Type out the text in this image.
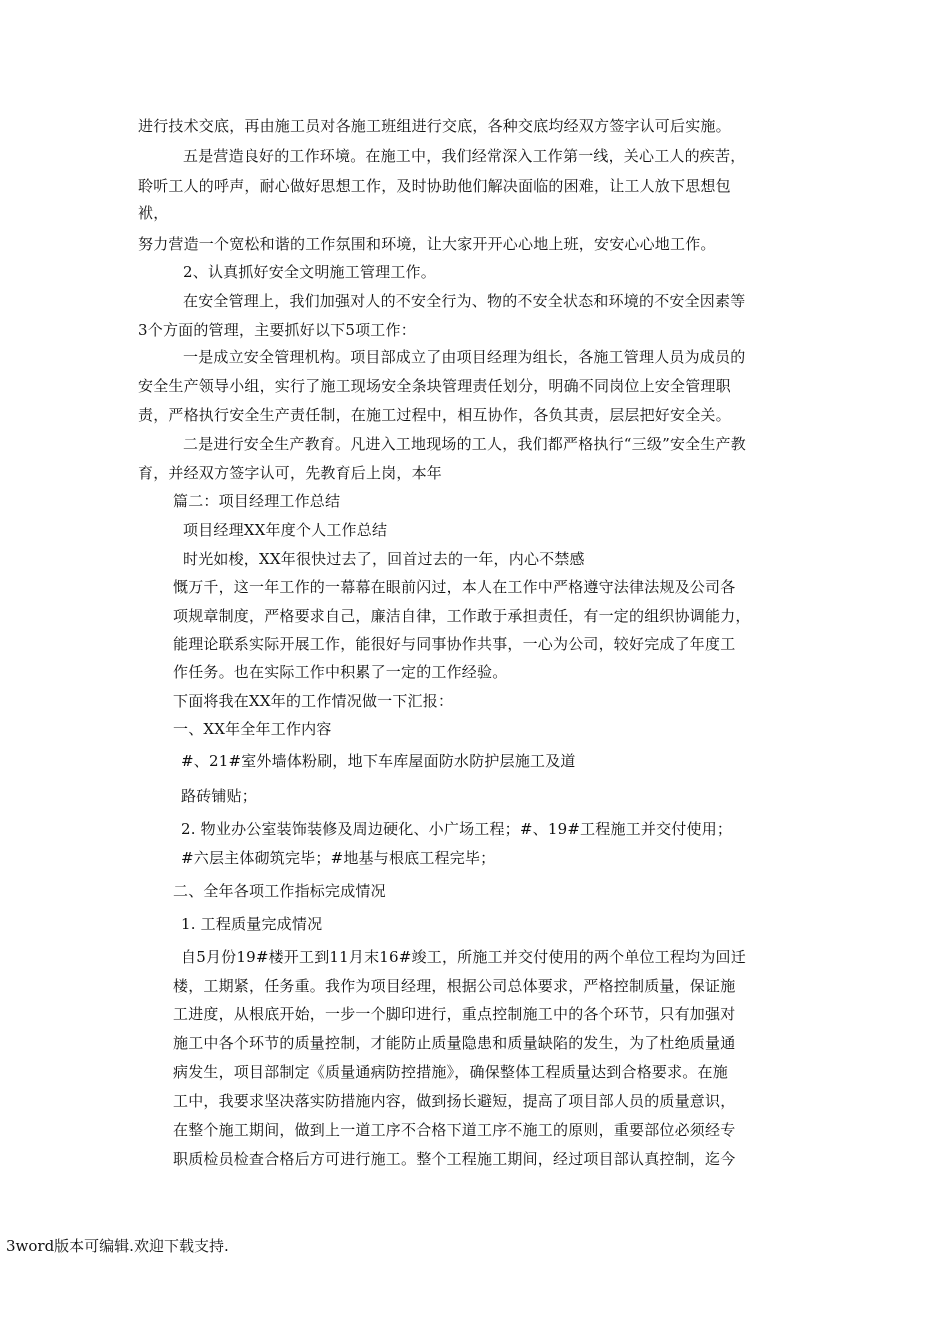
进行技术交底，再由施工员对各施工班组进行交底，各种交底均经双方签字认可后实施。
五是营造良好的工作环境。在施工中，我们经常深入工作第一线，关心工人的疾苦，
聆听工人的呼声，耐心做好思想工作，及时协助他们解决面临的困难，让工人放下思想包
袱，
努力营造一个宽松和谐的工作氛围和环境，让大家开开心心地上班，安安心心地工作。
2、认真抓好安全文明施工管理工作。
在安全管理上，我们加强对人的不安全行为、物的不安全状态和环境的不安全因素等
3个方面的管理，主要抓好以下5项工作：
一是成立安全管理机构。项目部成立了由项目经理为组长，各施工管理人员为成员的
安全生产领导小组，实行了施工现场安全条块管理责任划分，明确不同岗位上安全管理职
责，严格执行安全生产责任制，在施工过程中，相互协作，各负其责，层层把好安全关。
二是进行安全生产教育。凡进入工地现场的工人，我们都严格执行“三级”安全生产教
育，并经双方签字认可，先教育后上岗，本年
篇二：项目经理工作总结
项目经理XX年度个人工作总结
时光如梭，XX年很快过去了，回首过去的一年，内心不禁感
慨万千，这一年工作的一幕幕在眼前闪过，本人在工作中严格遵守法律法规及公司各
项规章制度，严格要求自己，廉洁自律，工作敢于承担责任，有一定的组织协调能力，
能理论联系实际开展工作，能很好与同事协作共事，一心为公司，较好完成了年度工
作任务。也在实际工作中积累了一定的工作经验。
下面将我在XX年的工作情况做一下汇报：
一、XX年全年工作内容
#、21#室外墙体粉刷，地下车库屋面防水防护层施工及道
路砖铺贴；
2. 物业办公室装饰装修及周边硬化、小广场工程；#、19#工程施工并交付使用；
#六层主体砌筑完毕；#地基与根底工程完毕；
二、全年各项工作指标完成情况
1. 工程质量完成情况
自5月份19#楼开工到11月末16#竣工，所施工并交付使用的两个单位工程均为回迁
楼，工期紧，任务重。我作为项目经理，根据公司总体要求，严格控制质量，保证施
工进度，从根底开始，一步一个脚印进行，重点控制施工中的各个环节，只有加强对
施工中各个环节的质量控制，才能防止质量隐患和质量缺陷的发生，为了杜绝质量通
病发生，项目部制定《质量通病防控措施》，确保整体工程质量达到合格要求。在施
工中，我要求坚决落实防措施内容，做到扬长避短，提高了项目部人员的质量意识，
在整个施工期间，做到上一道工序不合格下道工序不施工的原则，重要部位必须经专
职质检员检查合格后方可进行施工。整个工程施工期间，经过项目部认真控制，迄今
3word版本可编辑.欢迎下载支持.
